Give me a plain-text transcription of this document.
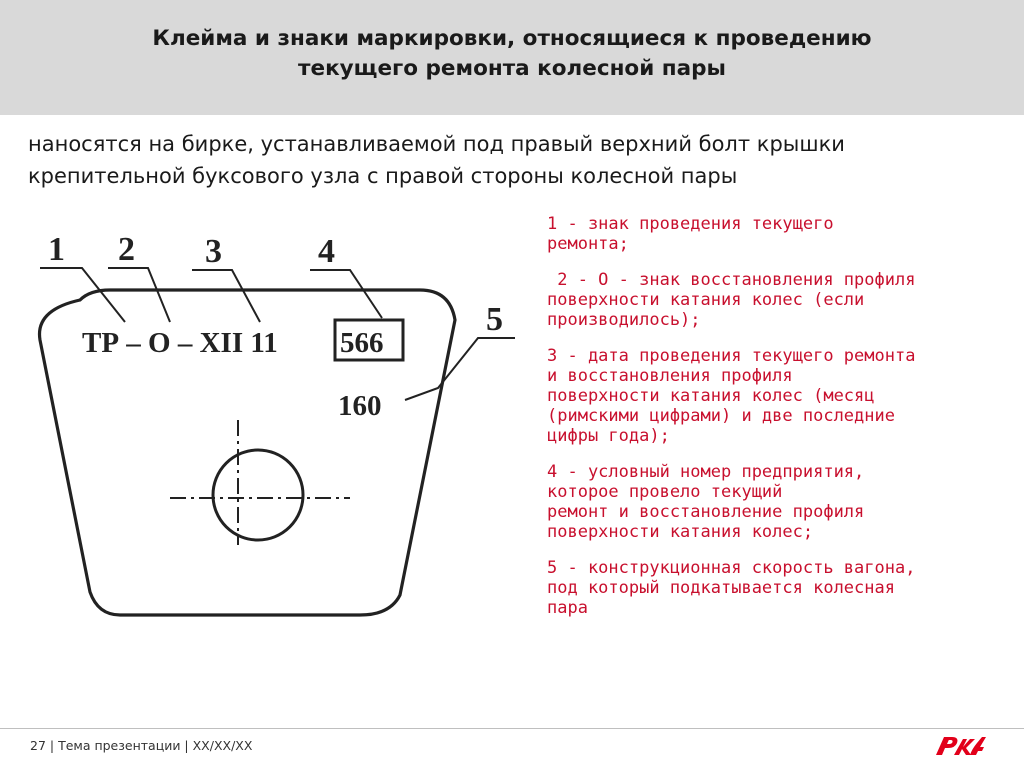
Клейма и знаки маркировки, относящиеся к проведению
текущего ремонта колесной пары

наносятся на бирке, устанавливаемой под правый верхний болт крышки
крепительной буксового узла с правой стороны колесной пары

1 2 3	4
5
ТР – О – XII 11 566
160
1 - знак проведения текущего
ремонта;
2 - О - знак восстановления профиля
поверхности катания колес (если
производилось);
3 - дата проведения текущего ремонта
и восстановления профиля
поверхности катания колес (месяц
(римскими цифрами) и две последние
цифры года);
4 - условный номер предприятия,
которое провело текущий
ремонт и восстановление профиля
поверхности катания колес;
5 - конструкционная скорость вагона,
под который подкатывается колесная
пара
27 | Тема презентации | XX/XX/XX
